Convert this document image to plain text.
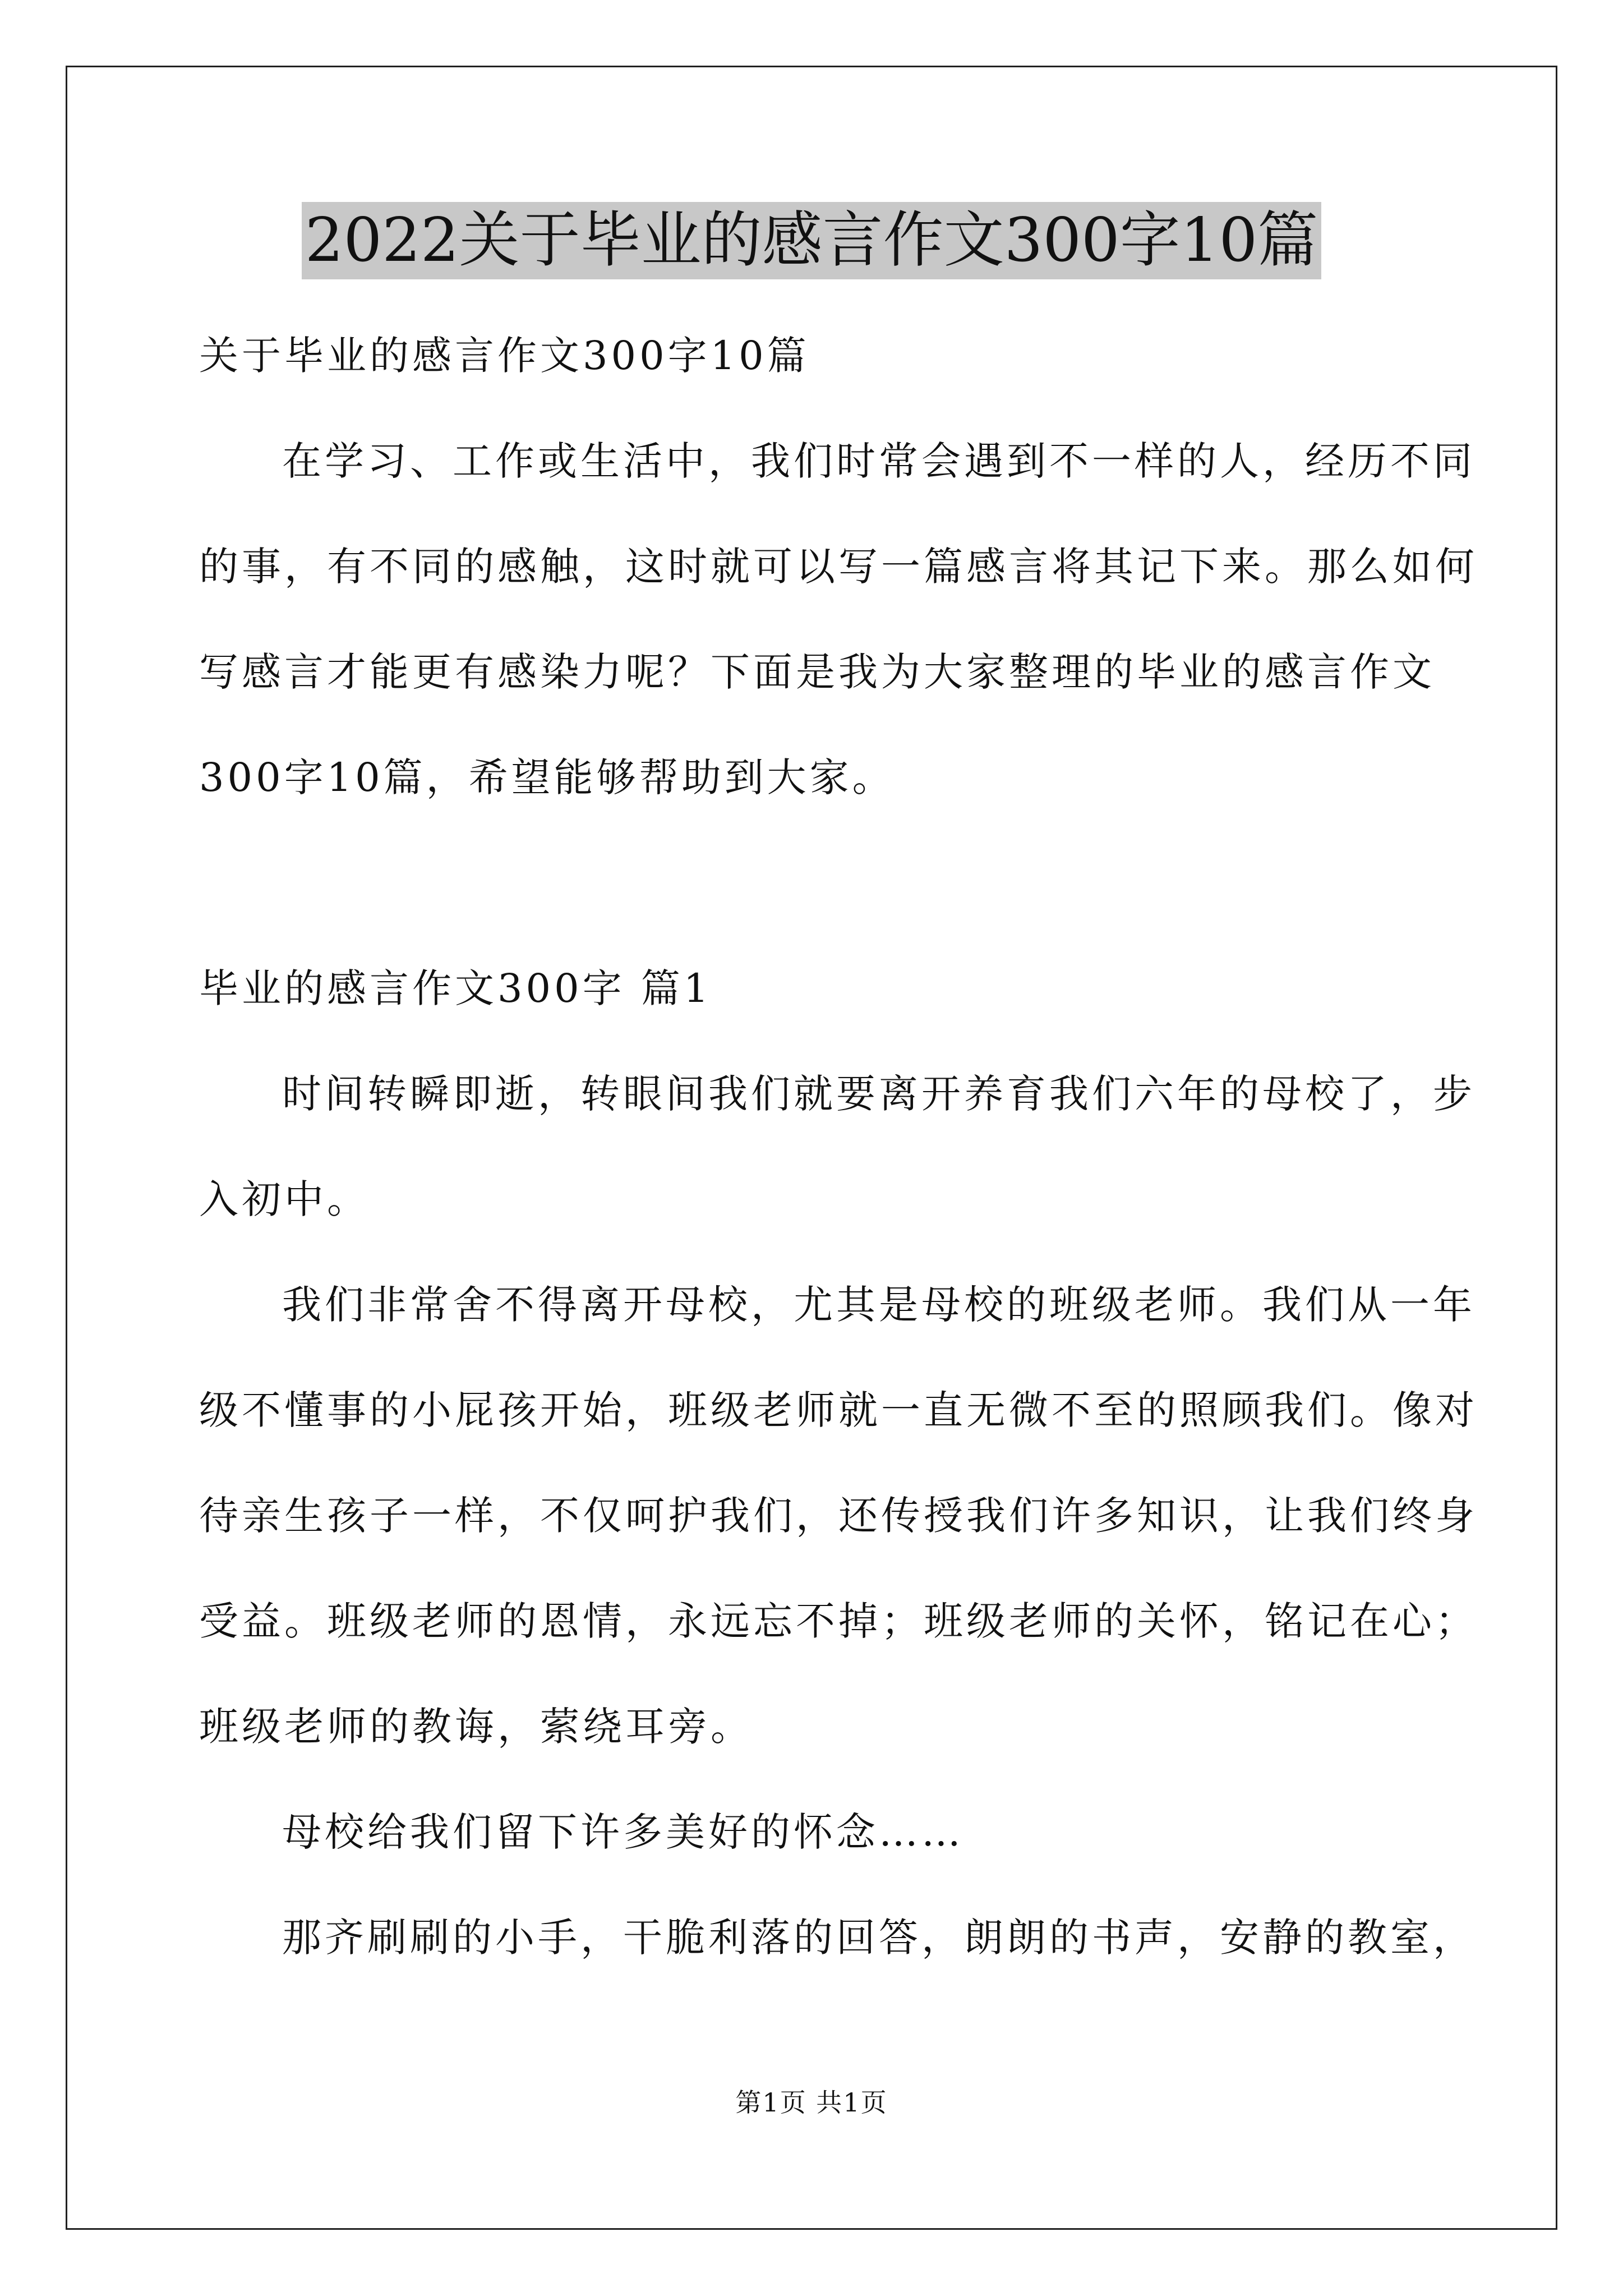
2022关于毕业的感言作文300字10篇
关于毕业的感言作文300字10篇
在学习、工作或生活中，我们时常会遇到不一样的人，经历不同
的事，有不同的感触，这时就可以写一篇感言将其记下来。那么如何
写感言才能更有感染力呢？下面是我为大家整理的毕业的感言作文
300字10篇，希望能够帮助到大家。
毕业的感言作文300字 篇1
时间转瞬即逝，转眼间我们就要离开养育我们六年的母校了，步
入初中。
我们非常舍不得离开母校，尤其是母校的班级老师。我们从一年
级不懂事的小屁孩开始，班级老师就一直无微不至的照顾我们。像对
待亲生孩子一样，不仅呵护我们，还传授我们许多知识，让我们终身
受益。班级老师的恩情，永远忘不掉；班级老师的关怀，铭记在心；
班级老师的教诲，萦绕耳旁。
母校给我们留下许多美好的怀念……
那齐刷刷的小手，干脆利落的回答，朗朗的书声，安静的教室，
第1页 共1页
